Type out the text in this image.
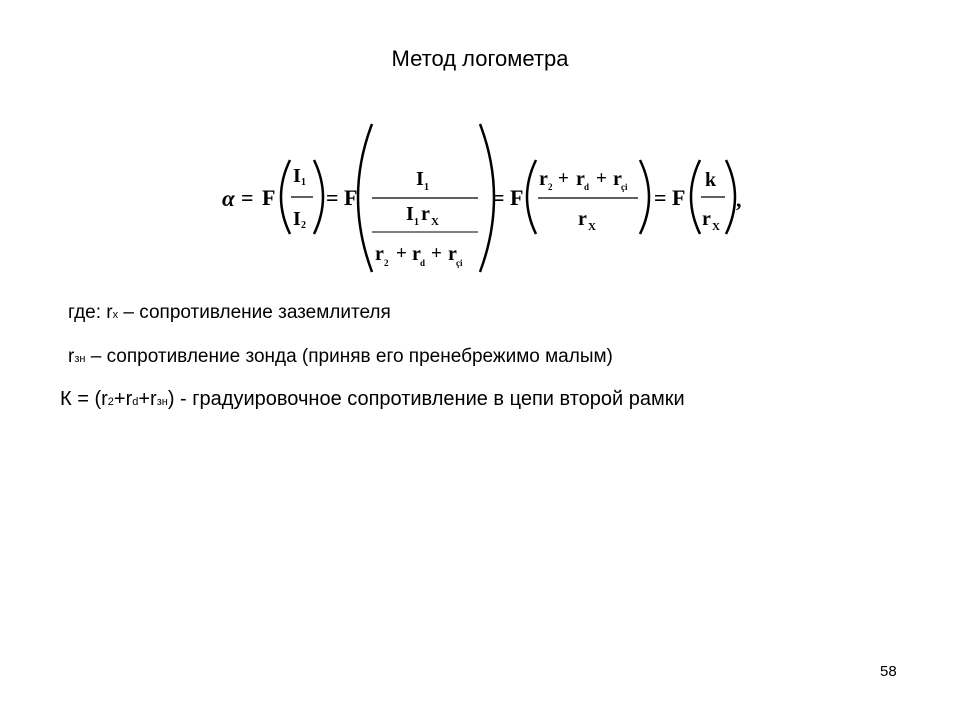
Метод логометра
α = F
I 1
I 2
= F
I 1
I 1 r X
r 2 + r d + r çi
= F
r 2 + r d + r çi
r X
= F
k
r X
,
где: rx – сопротивление заземлителя
rзн – сопротивление зонда (приняв его пренебрежимо малым)
К = (r2+rd+rзн) - градуировочное сопротивление в цепи второй рамки
58
